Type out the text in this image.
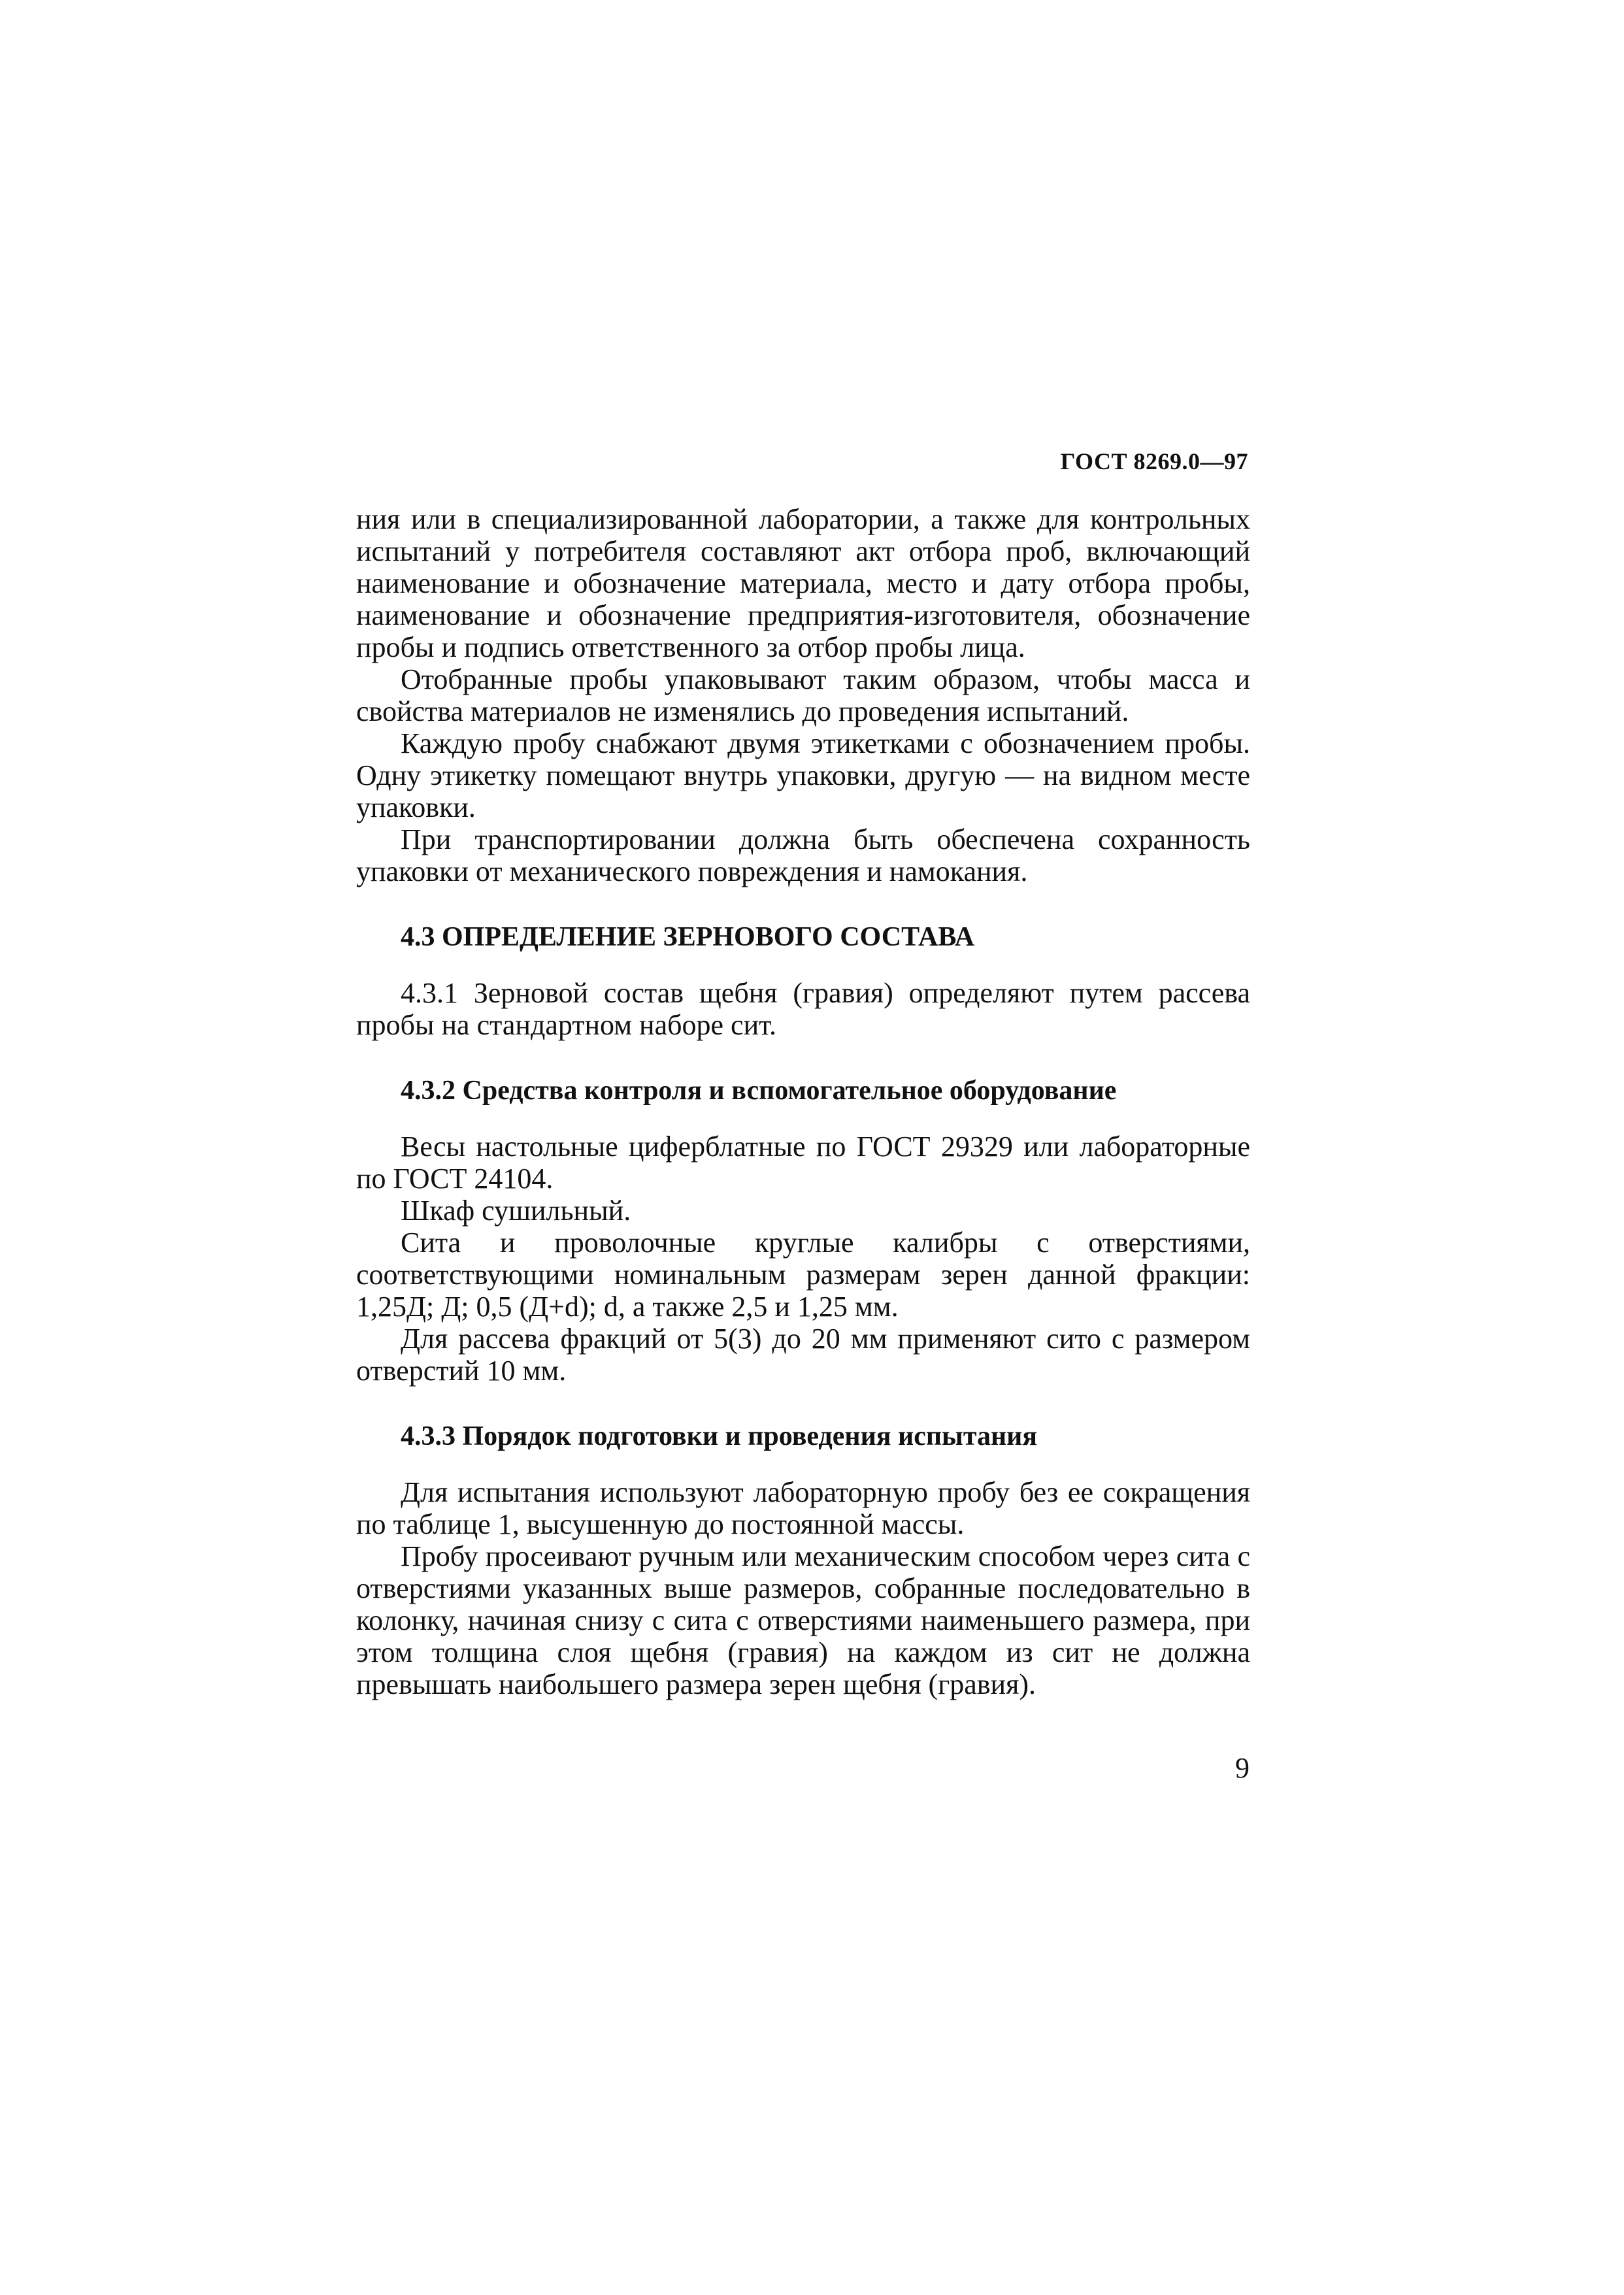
ГОСТ 8269.0—97

ния или в специализированной лаборатории, а также для контрольных испытаний у потребителя составляют акт отбора проб, включающий наименование и обозначение материала, место и дату отбора пробы, наименование и обозначение предприятия-изготовителя, обозначение пробы и подпись ответственного за отбор пробы лица.

Отобранные пробы упаковывают таким образом, чтобы масса и свойства материалов не изменялись до проведения испытаний.

Каждую пробу снабжают двумя этикетками с обозначением пробы. Одну этикетку помещают внутрь упаковки, другую — на видном месте упаковки.

При транспортировании должна быть обеспечена сохранность упаковки от механического повреждения и намокания.

4.3 ОПРЕДЕЛЕНИЕ ЗЕРНОВОГО СОСТАВА

4.3.1 Зерновой состав щебня (гравия) определяют путем рассева пробы на стандартном наборе сит.

4.3.2 Средства контроля и вспомогательное оборудование

Весы настольные циферблатные по ГОСТ 29329 или лабораторные по ГОСТ 24104.

Шкаф сушильный.

Сита и проволочные круглые калибры с отверстиями, соответствующими номинальным размерам зерен данной фракции: 1,25Д; Д; 0,5 (Д+d); d, а также 2,5 и 1,25 мм.

Для рассева фракций от 5(3) до 20 мм применяют сито с размером отверстий 10 мм.

4.3.3 Порядок подготовки и проведения испытания

Для испытания используют лабораторную пробу без ее сокращения по таблице 1, высушенную до постоянной массы.

Пробу просеивают ручным или механическим способом через сита с отверстиями указанных выше размеров, собранные последовательно в колонку, начиная снизу с сита с отверстиями наименьшего размера, при этом толщина слоя щебня (гравия) на каждом из сит не должна превышать наибольшего размера зерен щебня (гравия).

9
